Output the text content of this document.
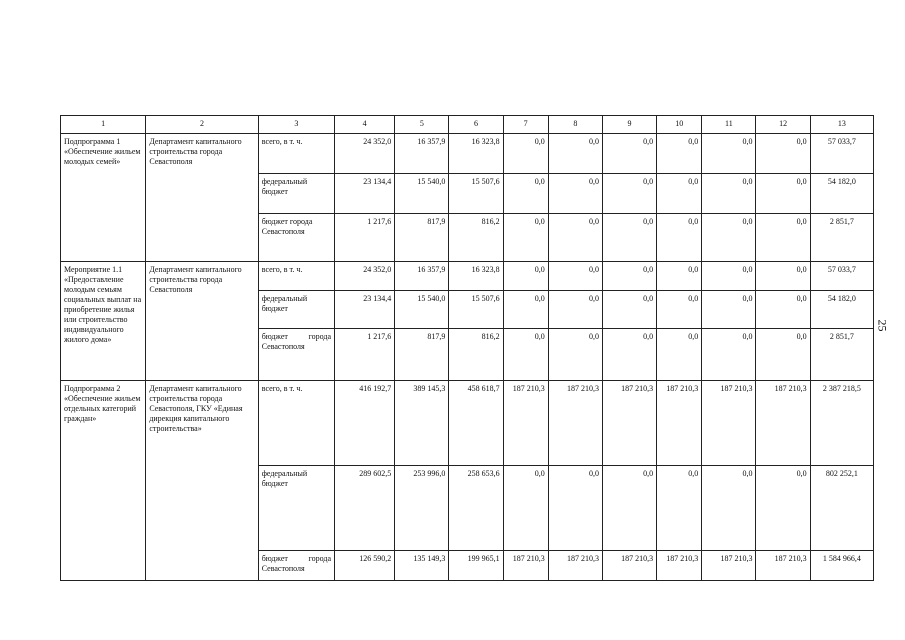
1	2	3	4	5	6	7	8	9	10	11	12	13
Подпрограмма 1 «Обеспечение жильем молодых семей»	Департамент капитального строительства города Севастополя	всего, в т. ч.	24 352,0	16 357,9	16 323,8	0,0	0,0	0,0	0,0	0,0	0,0	57 033,7
		федеральный бюджет	23 134,4	15 540,0	15 507,6	0,0	0,0	0,0	0,0	0,0	0,0	54 182,0
		бюджет города Севастополя	1 217,6	817,9	816,2	0,0	0,0	0,0	0,0	0,0	0,0	2 851,7
Мероприятие 1.1 «Предоставление молодым семьям социальных выплат на приобретение жилья или строительство индивидуального жилого дома»	Департамент капитального строительства города Севастополя	всего, в т. ч.	24 352,0	16 357,9	16 323,8	0,0	0,0	0,0	0,0	0,0	0,0	57 033,7
		федеральный бюджет	23 134,4	15 540,0	15 507,6	0,0	0,0	0,0	0,0	0,0	0,0	54 182,0
		бюджет города Севастополя	1 217,6	817,9	816,2	0,0	0,0	0,0	0,0	0,0	0,0	2 851,7
Подпрограмма 2 «Обеспечение жильем отдельных категорий граждан»	Департамент капитального строительства города Севастополя, ГКУ «Единая дирекция капитального строительства»	всего, в т. ч.	416 192,7	389 145,3	458 618,7	187 210,3	187 210,3	187 210,3	187 210,3	187 210,3	187 210,3	2 387 218,5
		федеральный бюджет	289 602,5	253 996,0	258 653,6	0,0	0,0	0,0	0,0	0,0	0,0	802 252,1
		бюджет города Севастополя	126 590,2	135 149,3	199 965,1	187 210,3	187 210,3	187 210,3	187 210,3	187 210,3	187 210,3	1 584 966,4
25
